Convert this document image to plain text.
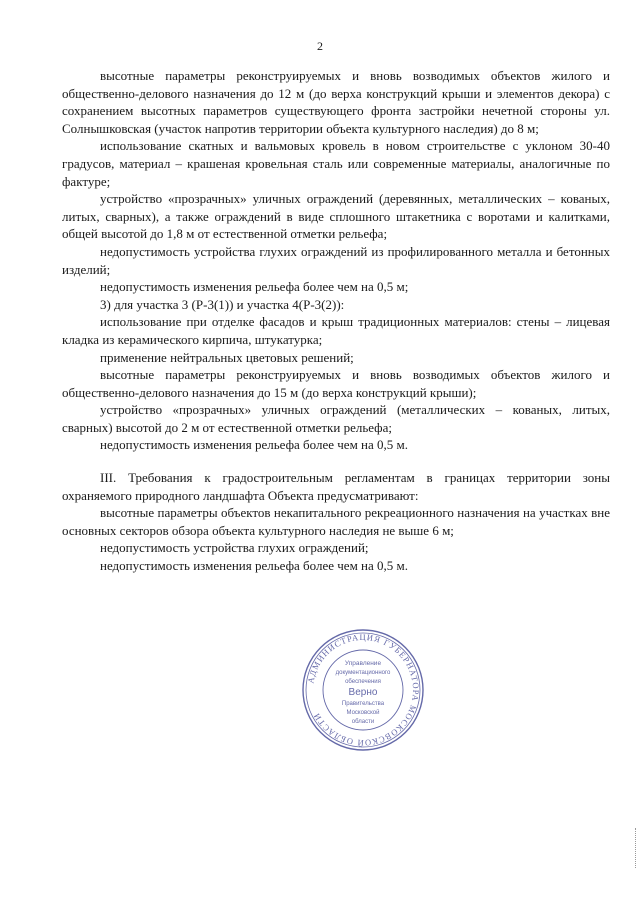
2

высотные параметры реконструируемых и вновь возводимых объектов жилого и общественно-делового назначения до 12 м (до верха конструкций крыши и элементов декора) с сохранением высотных параметров существующего фронта застройки нечетной стороны ул. Солнышковская (участок напротив территории объекта культурного наследия) до 8 м;

использование скатных и вальмовых кровель в новом строительстве с уклоном 30-40 градусов, материал – крашеная кровельная сталь или современные материалы, аналогичные по фактуре;

устройство «прозрачных» уличных ограждений (деревянных, металлических – кованых, литых, сварных), а также ограждений в виде сплошного штакетника с воротами и калитками, общей высотой до 1,8 м от естественной отметки рельефа;

недопустимость устройства глухих ограждений из профилированного металла и бетонных изделий;

недопустимость изменения рельефа более чем на 0,5 м;

3) для участка 3 (Р-3(1)) и участка 4(Р-3(2)):

использование при отделке фасадов и крыш традиционных материалов: стены – лицевая кладка из керамического кирпича, штукатурка;

применение нейтральных цветовых решений;

высотные параметры реконструируемых и вновь возводимых объектов жилого и общественно-делового назначения до 15 м (до верха конструкций крыши);

устройство «прозрачных» уличных ограждений (металлических – кованых, литых, сварных) высотой до 2 м от естественной отметки рельефа;

недопустимость изменения рельефа более чем на 0,5 м.

III. Требования к градостроительным регламентам в границах территории зоны охраняемого природного ландшафта Объекта предусматривают:

высотные параметры объектов некапитального рекреационного назначения на участках вне основных секторов обзора объекта культурного наследия не выше 6 м;

недопустимость устройства глухих ограждений;

недопустимость изменения рельефа более чем на 0,5 м.

АДМИНИСТРАЦИЯ ГУБЕРНАТОРА МОСКОВСКОЙ ОБЛАСТИ
Управление
документационного
обеспечения
Верно
Правительства
Московской
области
